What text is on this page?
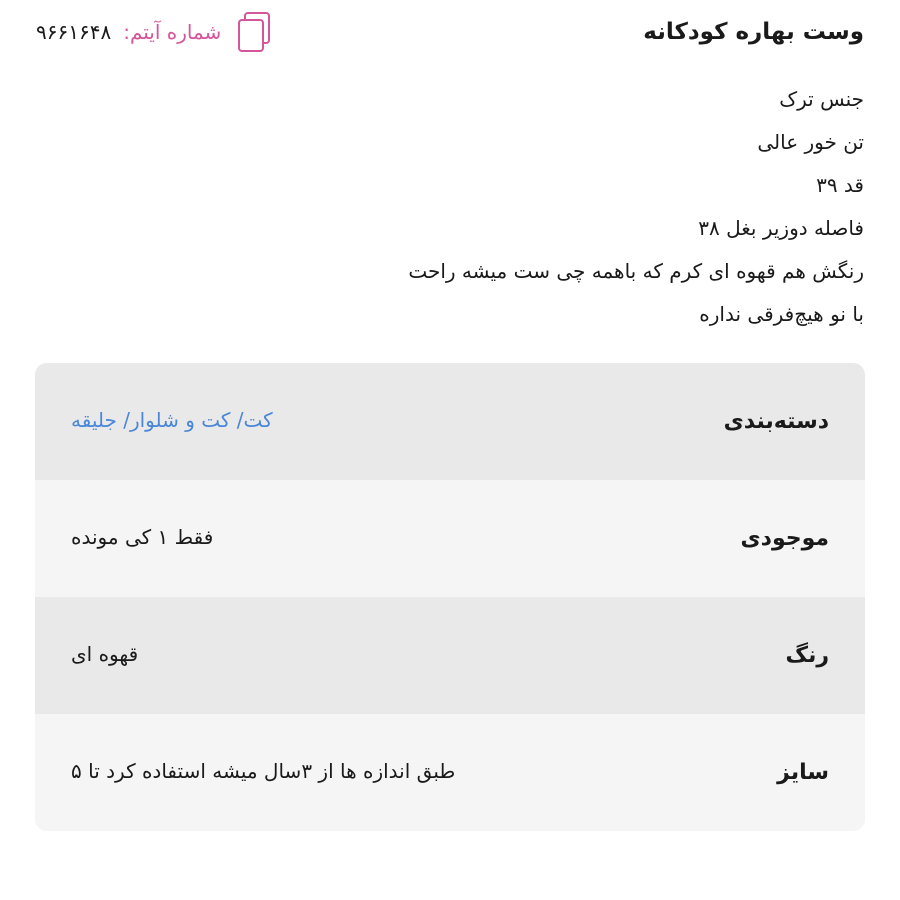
وست بهاره کودکانه
شماره آیتم:
۹۶۶۱۶۴۸
جنس ترک
تن خور عالی
قد ۳۹
فاصله دوزیر بغل ۳۸
رنگش هم قهوه ای کرم که باهمه چی ست میشه راحت
با نو هیچ‌فرقی نداره
دسته‌بندی
کت/ کت و شلوار/ جلیقه
موجودی
فقط ۱ کی مونده
رنگ
قهوه ای
سایز
طبق اندازه ها از ۳سال میشه استفاده کرد تا ۵
